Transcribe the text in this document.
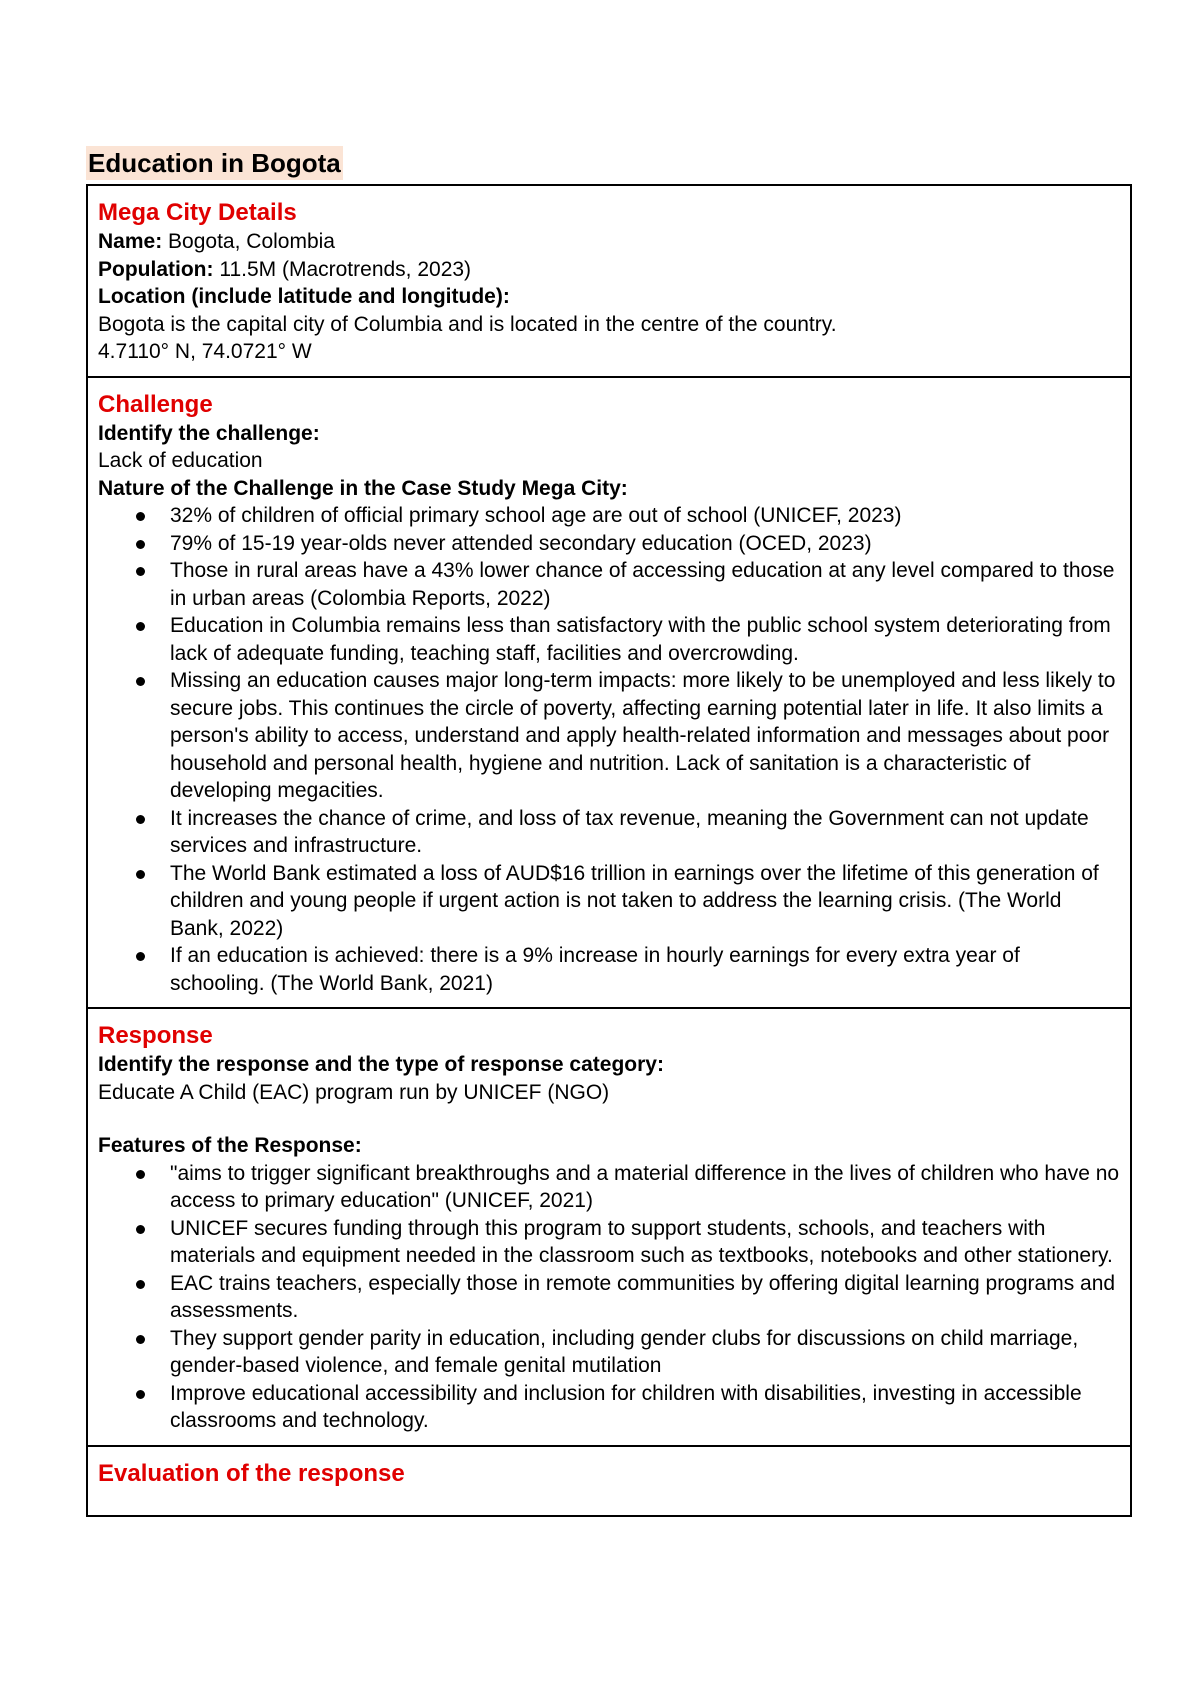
Education in Bogota
Mega City Details
Name: Bogota, Colombia
Population: 11.5M (Macrotrends, 2023)
Location (include latitude and longitude):
Bogota is the capital city of Columbia and is located in the centre of the country.
4.7110° N, 74.0721° W

Challenge
Identify the challenge:
Lack of education
Nature of the Challenge in the Case Study Mega City:
32% of children of official primary school age are out of school (UNICEF, 2023)
79% of 15-19 year-olds never attended secondary education (OCED, 2023)
Those in rural areas have a 43% lower chance of accessing education at any level compared to those in urban areas (Colombia Reports, 2022)
Education in Columbia remains less than satisfactory with the public school system deteriorating from lack of adequate funding, teaching staff, facilities and overcrowding.
Missing an education causes major long-term impacts: more likely to be unemployed and less likely to secure jobs. This continues the circle of poverty, affecting earning potential later in life. It also limits a person's ability to access, understand and apply health-related information and messages about poor household and personal health, hygiene and nutrition. Lack of sanitation is a characteristic of developing megacities.
It increases the chance of crime, and loss of tax revenue, meaning the Government can not update services and infrastructure.
The World Bank estimated a loss of AUD$16 trillion in earnings over the lifetime of this generation of children and young people if urgent action is not taken to address the learning crisis. (The World Bank, 2022)
If an education is achieved: there is a 9% increase in hourly earnings for every extra year of schooling. (The World Bank, 2021)

Response
Identify the response and the type of response category:
Educate A Child (EAC) program run by UNICEF (NGO)
Features of the Response:
"aims to trigger significant breakthroughs and a material difference in the lives of children who have no access to primary education" (UNICEF, 2021)
UNICEF secures funding through this program to support students, schools, and teachers with materials and equipment needed in the classroom such as textbooks, notebooks and other stationery.
EAC trains teachers, especially those in remote communities by offering digital learning programs and assessments.
They support gender parity in education, including gender clubs for discussions on child marriage, gender-based violence, and female genital mutilation
Improve educational accessibility and inclusion for children with disabilities, investing in accessible classrooms and technology.

Evaluation of the response
